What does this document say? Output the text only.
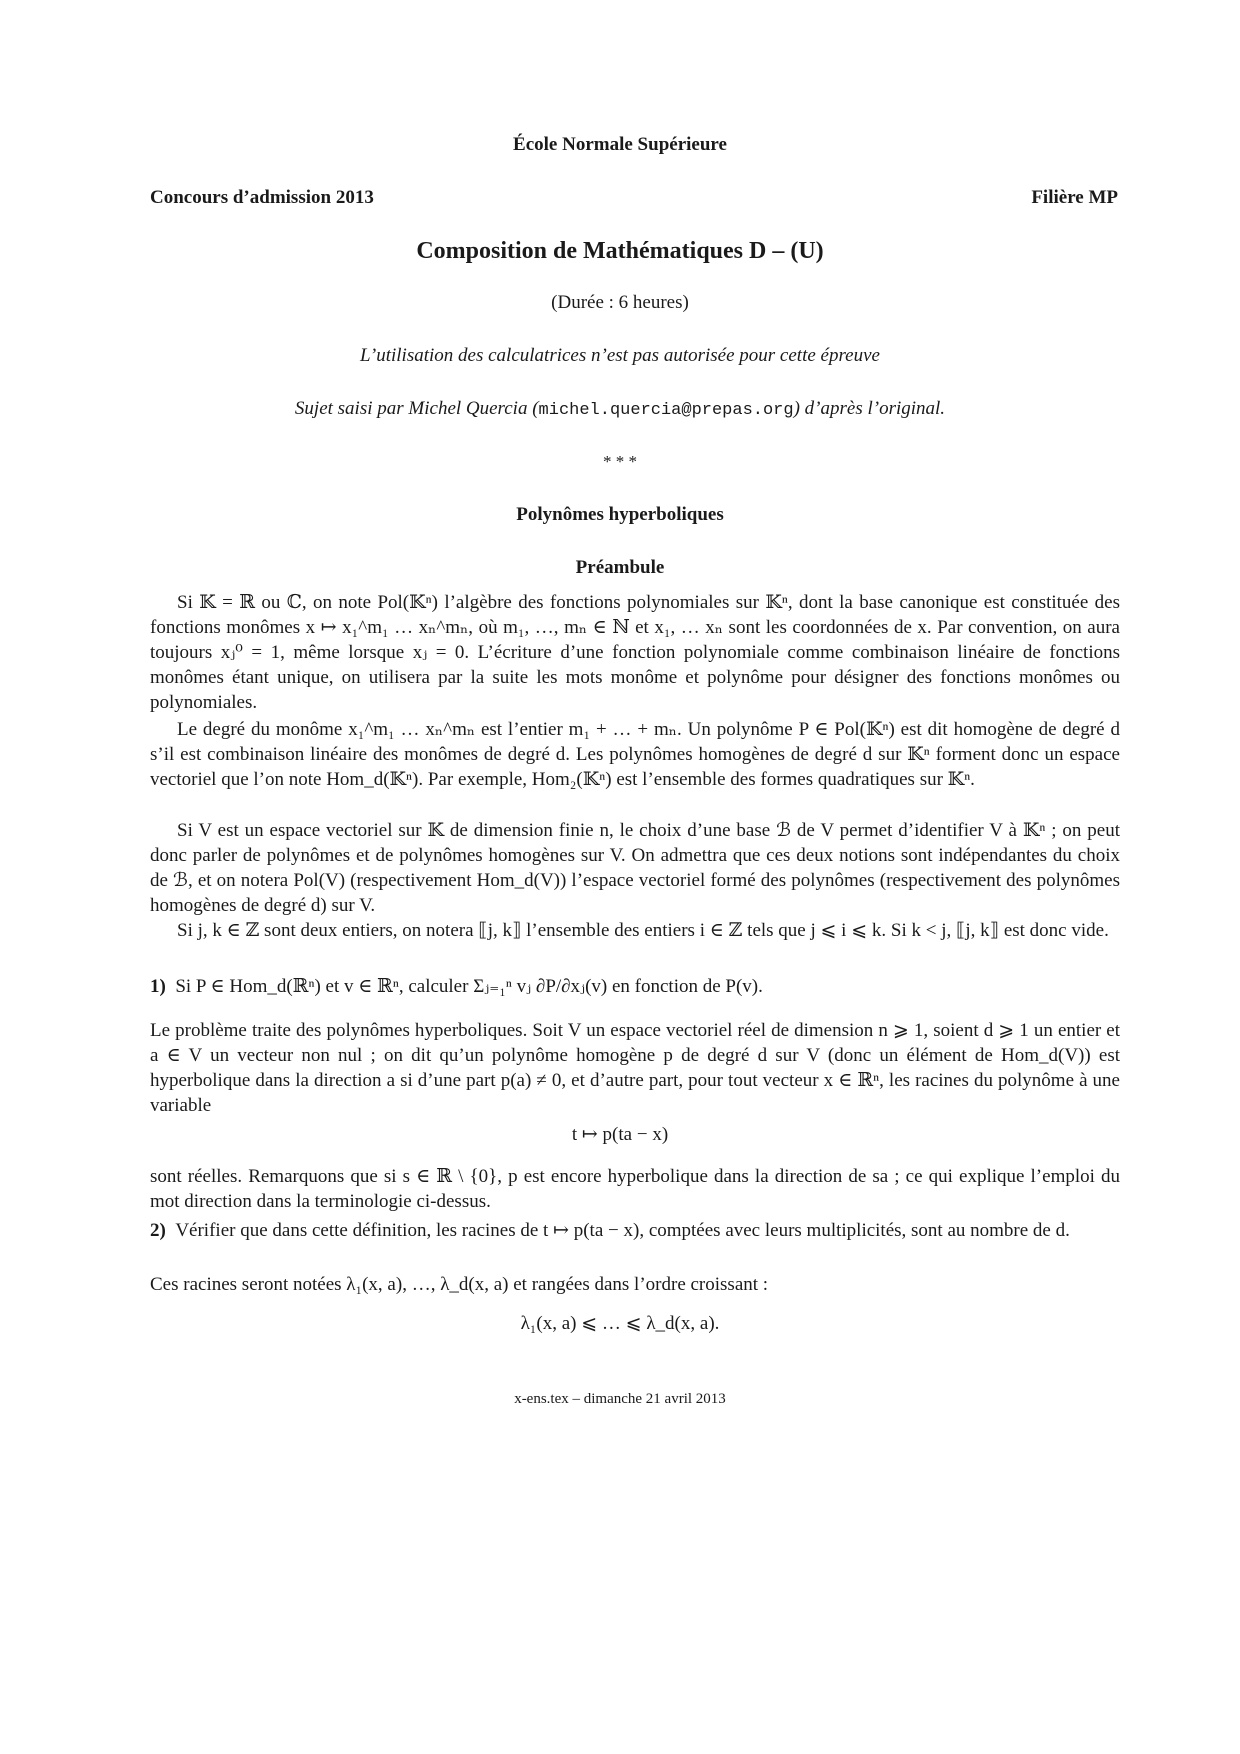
École Normale Supérieure
Concours d’admission 2013	Filière MP
Composition de Mathématiques D – (U)
(Durée : 6 heures)
L’utilisation des calculatrices n’est pas autorisée pour cette épreuve
Sujet saisi par Michel Quercia (michel.quercia@prepas.org) d’après l’original.
* * *
Polynômes hyperboliques
Préambule
Si 𝕂 = ℝ ou ℂ, on note Pol(𝕂ⁿ) l’algèbre des fonctions polynomiales sur 𝕂ⁿ, dont la base canonique est constituée des fonctions monômes x ↦ x₁^m₁ … xₙ^mₙ, où m₁, …, mₙ ∈ ℕ et x₁, … xₙ sont les coordonnées de x. Par convention, on aura toujours xⱼ⁰ = 1, même lorsque xⱼ = 0. L’écriture d’une fonction polynomiale comme combinaison linéaire de fonctions monômes étant unique, on utilisera par la suite les mots monôme et polynôme pour désigner des fonctions monômes ou polynomiales.
Le degré du monôme x₁^m₁ … xₙ^mₙ est l’entier m₁ + … + mₙ. Un polynôme P ∈ Pol(𝕂ⁿ) est dit homogène de degré d s’il est combinaison linéaire des monômes de degré d. Les polynômes homogènes de degré d sur 𝕂ⁿ forment donc un espace vectoriel que l’on note Hom_d(𝕂ⁿ). Par exemple, Hom₂(𝕂ⁿ) est l’ensemble des formes quadratiques sur 𝕂ⁿ.
Si V est un espace vectoriel sur 𝕂 de dimension finie n, le choix d’une base ℬ de V permet d’identifier V à 𝕂ⁿ ; on peut donc parler de polynômes et de polynômes homogènes sur V. On admettra que ces deux notions sont indépendantes du choix de ℬ, et on notera Pol(V) (respectivement Hom_d(V)) l’espace vectoriel formé des polynômes (respectivement des polynômes homogènes de degré d) sur V.
Si j, k ∈ ℤ sont deux entiers, on notera ⟦j, k⟧ l’ensemble des entiers i ∈ ℤ tels que j ⩽ i ⩽ k. Si k < j, ⟦j, k⟧ est donc vide.
1) Si P ∈ Hom_d(ℝⁿ) et v ∈ ℝⁿ, calculer Σⱼ₌₁ⁿ vⱼ ∂P/∂xⱼ(v) en fonction de P(v).
Le problème traite des polynômes hyperboliques. Soit V un espace vectoriel réel de dimension n ⩾ 1, soient d ⩾ 1 un entier et a ∈ V un vecteur non nul ; on dit qu’un polynôme homogène p de degré d sur V (donc un élément de Hom_d(V)) est hyperbolique dans la direction a si d’une part p(a) ≠ 0, et d’autre part, pour tout vecteur x ∈ ℝⁿ, les racines du polynôme à une variable
t ↦ p(ta − x)
sont réelles. Remarquons que si s ∈ ℝ \ {0}, p est encore hyperbolique dans la direction de sa ; ce qui explique l’emploi du mot direction dans la terminologie ci-dessus.
2) Vérifier que dans cette définition, les racines de t ↦ p(ta − x), comptées avec leurs multiplicités, sont au nombre de d.
Ces racines seront notées λ₁(x, a), …, λ_d(x, a) et rangées dans l’ordre croissant :
λ₁(x, a) ⩽ … ⩽ λ_d(x, a).
x-ens.tex – dimanche 21 avril 2013
